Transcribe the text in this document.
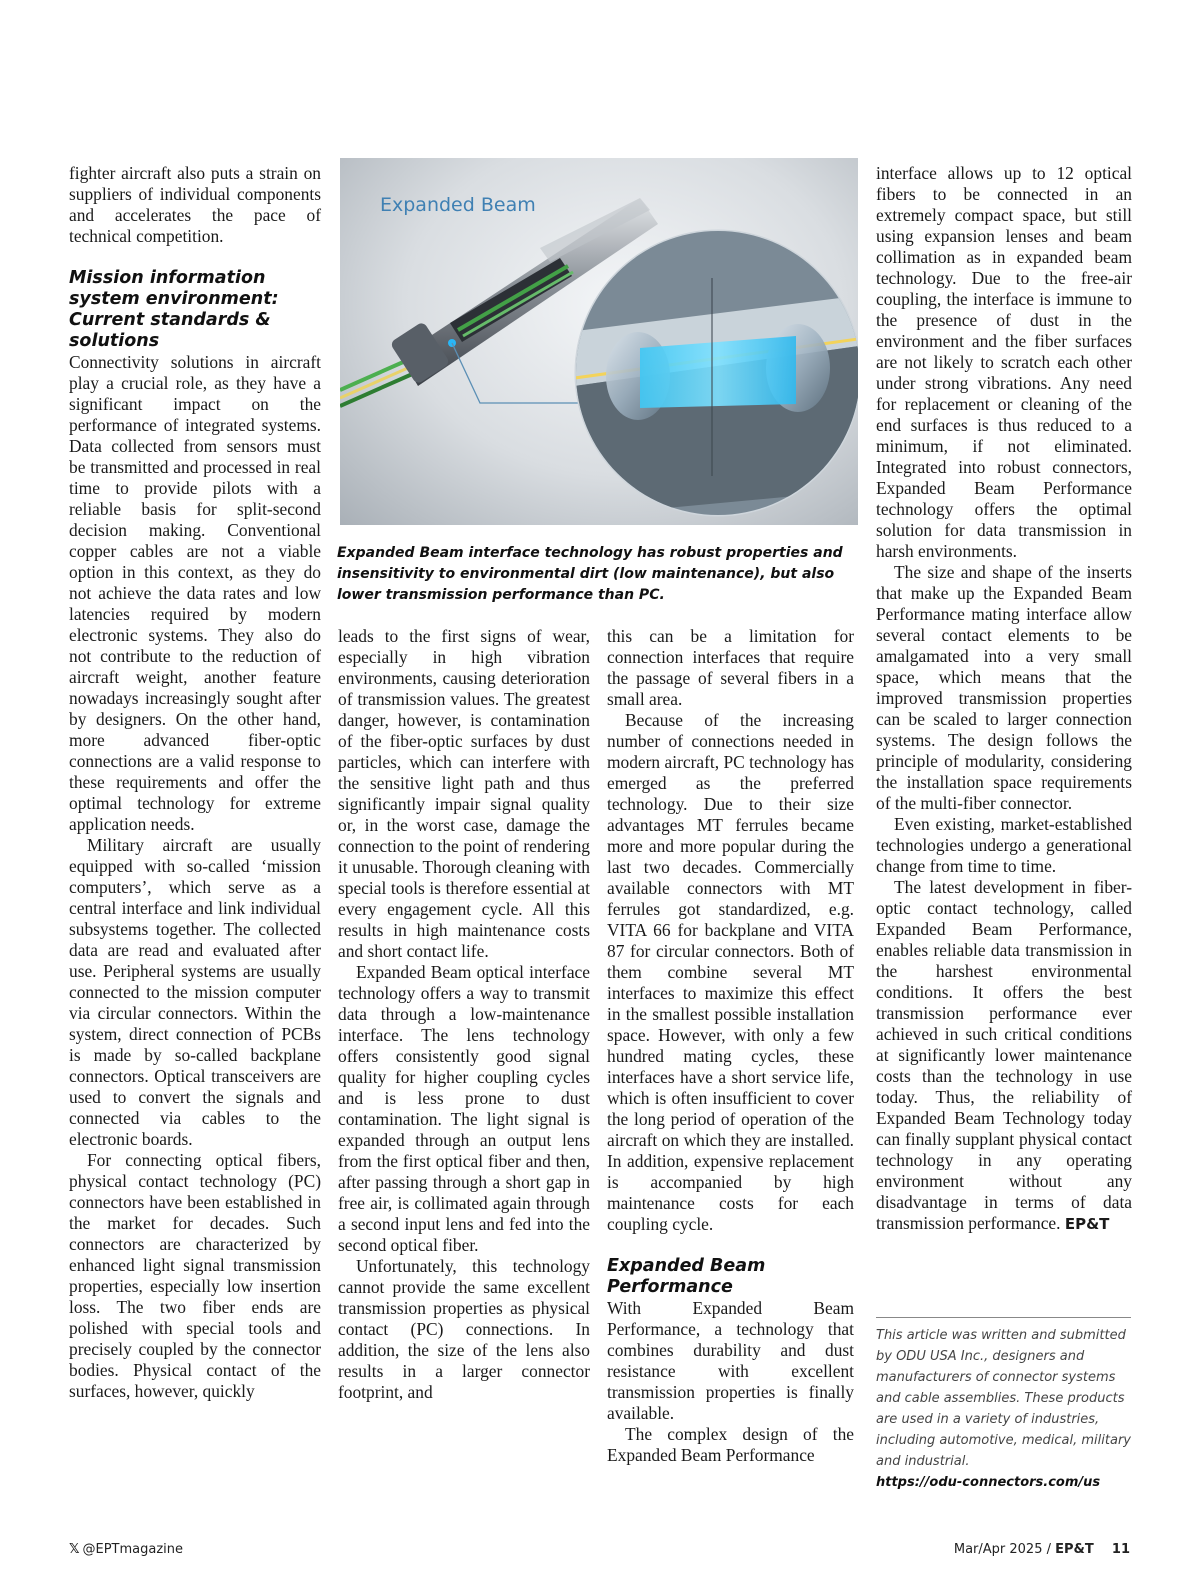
fighter aircraft also puts a strain on suppliers of individual components and accelerates the pace of technical competition.

Mission information system environment: Current standards & solutions

Connectivity solutions in aircraft play a crucial role, as they have a significant impact on the performance of integrated systems. Data collected from sensors must be transmitted and processed in real time to provide pilots with a reliable basis for split-second decision making. Conventional copper cables are not a viable option in this context, as they do not achieve the data rates and low latencies required by modern electronic systems. They also do not contribute to the reduction of aircraft weight, another feature nowadays increasingly sought after by designers. On the other hand, more advanced fiber-optic connections are a valid response to these requirements and offer the optimal technology for extreme application needs.

Military aircraft are usually equipped with so-called ‘mission computers’, which serve as a central interface and link individual subsystems together. The collected data are read and evaluated after use. Peripheral systems are usually connected to the mission computer via circular connectors. Within the system, direct connection of PCBs is made by so-called backplane connectors. Optical transceivers are used to convert the signals and connected via cables to the electronic boards.

For connecting optical fibers, physical contact technology (PC) connectors have been established in the market for decades. Such connectors are characterized by enhanced light signal transmission properties, especially low insertion loss. The two fiber ends are polished with special tools and precisely coupled by the connector bodies. Physical contact of the surfaces, however, quickly

Expanded Beam
Expanded Beam interface technology has robust properties and insensitivity to environmental dirt (low maintenance), but also lower transmission performance than PC.

leads to the first signs of wear, especially in high vibration environments, causing deterioration of transmission values. The greatest danger, however, is contamination of the fiber-optic surfaces by dust particles, which can interfere with the sensitive light path and thus significantly impair signal quality or, in the worst case, damage the connection to the point of rendering it unusable. Thorough cleaning with special tools is therefore essential at every engagement cycle. All this results in high maintenance costs and short contact life.

Expanded Beam optical interface technology offers a way to transmit data through a low-maintenance interface. The lens technology offers consistently good signal quality for higher coupling cycles and is less prone to dust contamination. The light signal is expanded through an output lens from the first optical fiber and then, after passing through a short gap in free air, is collimated again through a second input lens and fed into the second optical fiber.

Unfortunately, this technology cannot provide the same excellent transmission properties as physical contact (PC) connections. In addition, the size of the lens also results in a larger connector footprint, and

this can be a limitation for connection interfaces that require the passage of several fibers in a small area.

Because of the increasing number of connections needed in modern aircraft, PC technology has emerged as the preferred technology. Due to their size advantages MT ferrules became more and more popular during the last two decades. Commercially available connectors with MT ferrules got standardized, e.g. VITA 66 for backplane and VITA 87 for circular connectors. Both of them combine several MT interfaces to maximize this effect in the smallest possible installation space. However, with only a few hundred mating cycles, these interfaces have a short service life, which is often insufficient to cover the long period of operation of the aircraft on which they are installed. In addition, expensive replacement is accompanied by high maintenance costs for each coupling cycle.

Expanded Beam Performance

With Expanded Beam Performance, a technology that combines durability and dust resistance with excellent transmission properties is finally available.

The complex design of the Expanded Beam Performance

interface allows up to 12 optical fibers to be connected in an extremely compact space, but still using expansion lenses and beam collimation as in expanded beam technology. Due to the free-air coupling, the interface is immune to the presence of dust in the environment and the fiber surfaces are not likely to scratch each other under strong vibrations. Any need for replacement or cleaning of the end surfaces is thus reduced to a minimum, if not eliminated. Integrated into robust connectors, Expanded Beam Performance technology offers the optimal solution for data transmission in harsh environments.

The size and shape of the inserts that make up the Expanded Beam Performance mating interface allow several contact elements to be amalgamated into a very small space, which means that the improved transmission properties can be scaled to larger connection systems. The design follows the principle of modularity, considering the installation space requirements of the multi-fiber connector.

Even existing, market-established technologies undergo a generational change from time to time.

The latest development in fiber-optic contact technology, called Expanded Beam Performance, enables reliable data transmission in the harshest environmental conditions. It offers the best transmission performance ever achieved in such critical conditions at significantly lower maintenance costs than the technology in use today. Thus, the reliability of Expanded Beam Technology today can finally supplant physical contact technology in any operating environment without any disadvantage in terms of data transmission performance. EP&T

This article was written and submitted by ODU USA Inc., designers and manufacturers of connector systems and cable assemblies. These products are used in a variety of industries, including automotive, medical, military and industrial.
https://odu-connectors.com/us
𝕏 @EPTmagazine	Mar/Apr 2025 / EP&T 11
